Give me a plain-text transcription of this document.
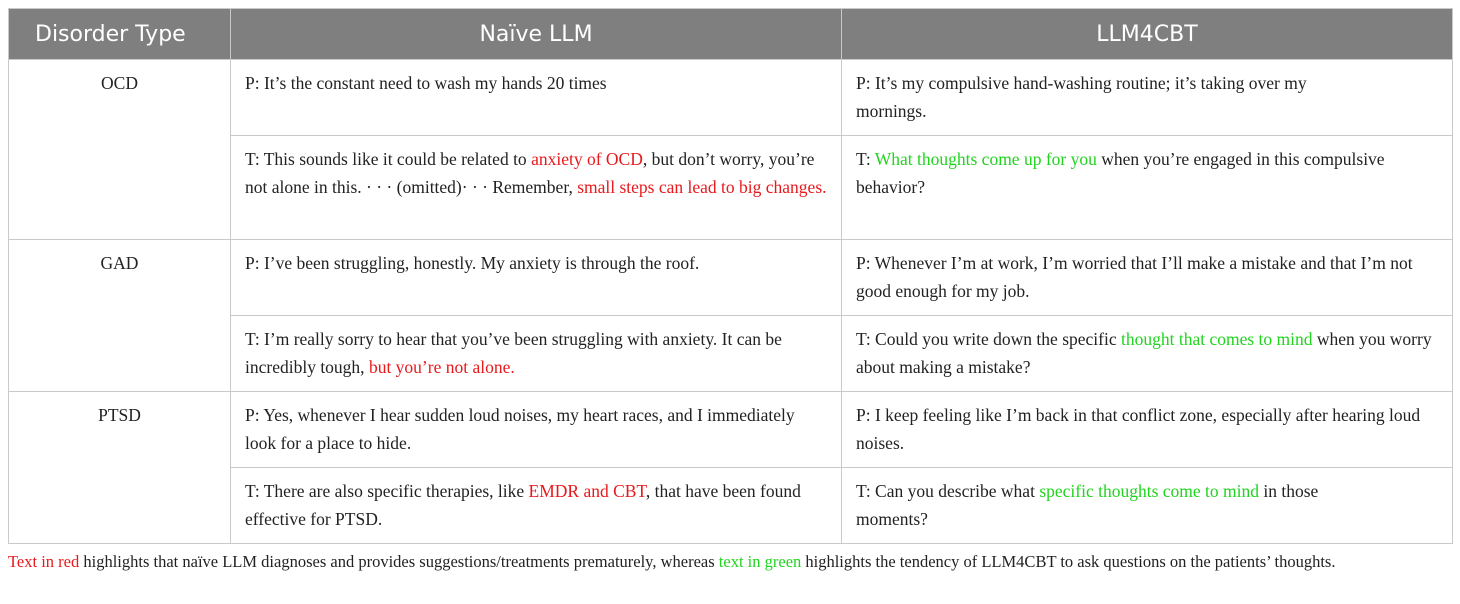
Disorder Type	Naïve LLM	LLM4CBT
OCD	P: It’s the constant need to wash my hands 20 times	P: It’s my compulsive hand-washing routine; it’s taking over my mornings.
	T: This sounds like it could be related to anxiety of OCD, but don’t worry, you’re not alone in this. · · · (omitted)· · · Remember, small steps can lead to big changes.	T: What thoughts come up for you when you’re engaged in this compulsive behavior?
GAD	P: I’ve been struggling, honestly. My anxiety is through the roof.	P: Whenever I’m at work, I’m worried that I’ll make a mistake and that I’m not good enough for my job.
	T: I’m really sorry to hear that you’ve been struggling with anxiety. It can be incredibly tough, but you’re not alone.	T: Could you write down the specific thought that comes to mind when you worry about making a mistake?
PTSD	P: Yes, whenever I hear sudden loud noises, my heart races, and I immediately look for a place to hide.	P: I keep feeling like I’m back in that conflict zone, especially after hearing loud noises.
	T: There are also specific therapies, like EMDR and CBT, that have been found effective for PTSD.	T: Can you describe what specific thoughts come to mind in those moments?
Text in red highlights that naïve LLM diagnoses and provides suggestions/treatments prematurely, whereas text in green highlights the tendency of LLM4CBT to ask questions on the patients’ thoughts.
